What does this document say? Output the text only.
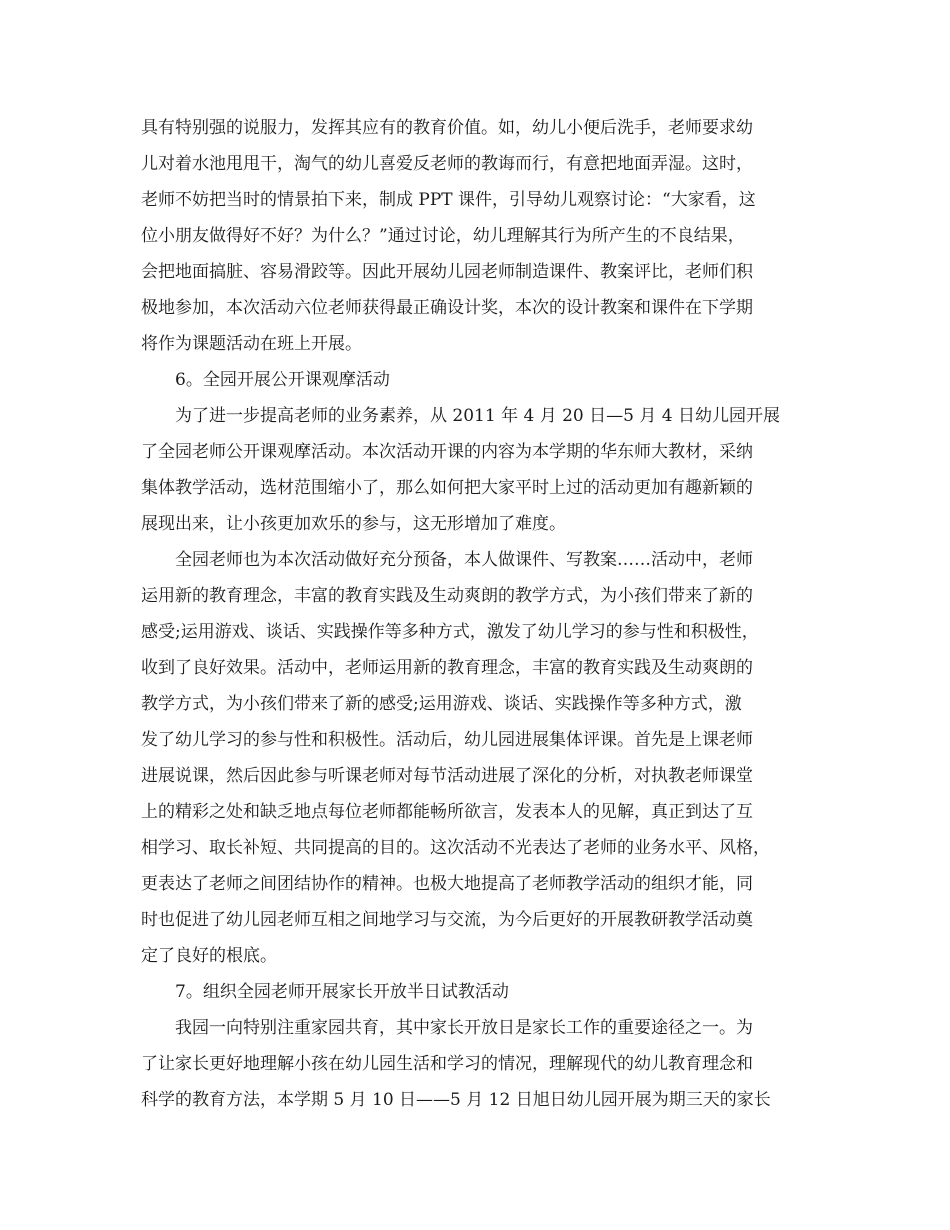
具有特别强的说服力，发挥其应有的教育价值。如，幼儿小便后洗手，老师要求幼
儿对着水池甩甩干，淘气的幼儿喜爱反老师的教诲而行，有意把地面弄湿。这时，
老师不妨把当时的情景拍下来，制成 PPT 课件，引导幼儿观察讨论：“大家看，这
位小朋友做得好不好？为什么？”通过讨论，幼儿理解其行为所产生的不良结果，
会把地面搞脏、容易滑跤等。因此开展幼儿园老师制造课件、教案评比，老师们积
极地参加，本次活动六位老师获得最正确设计奖，本次的设计教案和课件在下学期
将作为课题活动在班上开展。
6。全园开展公开课观摩活动
为了进一步提高老师的业务素养，从 2011 年 4 月 20 日—5 月 4 日幼儿园开展
了全园老师公开课观摩活动。本次活动开课的内容为本学期的华东师大教材，采纳
集体教学活动，选材范围缩小了，那么如何把大家平时上过的活动更加有趣新颖的
展现出来，让小孩更加欢乐的参与，这无形增加了难度。
全园老师也为本次活动做好充分预备，本人做课件、写教案……活动中，老师
运用新的教育理念，丰富的教育实践及生动爽朗的教学方式，为小孩们带来了新的
感受;运用游戏、谈话、实践操作等多种方式，激发了幼儿学习的参与性和积极性，
收到了良好效果。活动中，老师运用新的教育理念，丰富的教育实践及生动爽朗的
教学方式，为小孩们带来了新的感受;运用游戏、谈话、实践操作等多种方式，激
发了幼儿学习的参与性和积极性。活动后，幼儿园进展集体评课。首先是上课老师
进展说课，然后因此参与听课老师对每节活动进展了深化的分析，对执教老师课堂
上的精彩之处和缺乏地点每位老师都能畅所欲言，发表本人的见解，真正到达了互
相学习、取长补短、共同提高的目的。这次活动不光表达了老师的业务水平、风格，
更表达了老师之间团结协作的精神。也极大地提高了老师教学活动的组织才能，同
时也促进了幼儿园老师互相之间地学习与交流，为今后更好的开展教研教学活动奠
定了良好的根底。
7。组织全园老师开展家长开放半日试教活动
我园一向特别注重家园共育，其中家长开放日是家长工作的重要途径之一。为
了让家长更好地理解小孩在幼儿园生活和学习的情况，理解现代的幼儿教育理念和
科学的教育方法，本学期 5 月 10 日——5 月 12 日旭日幼儿园开展为期三天的家长
